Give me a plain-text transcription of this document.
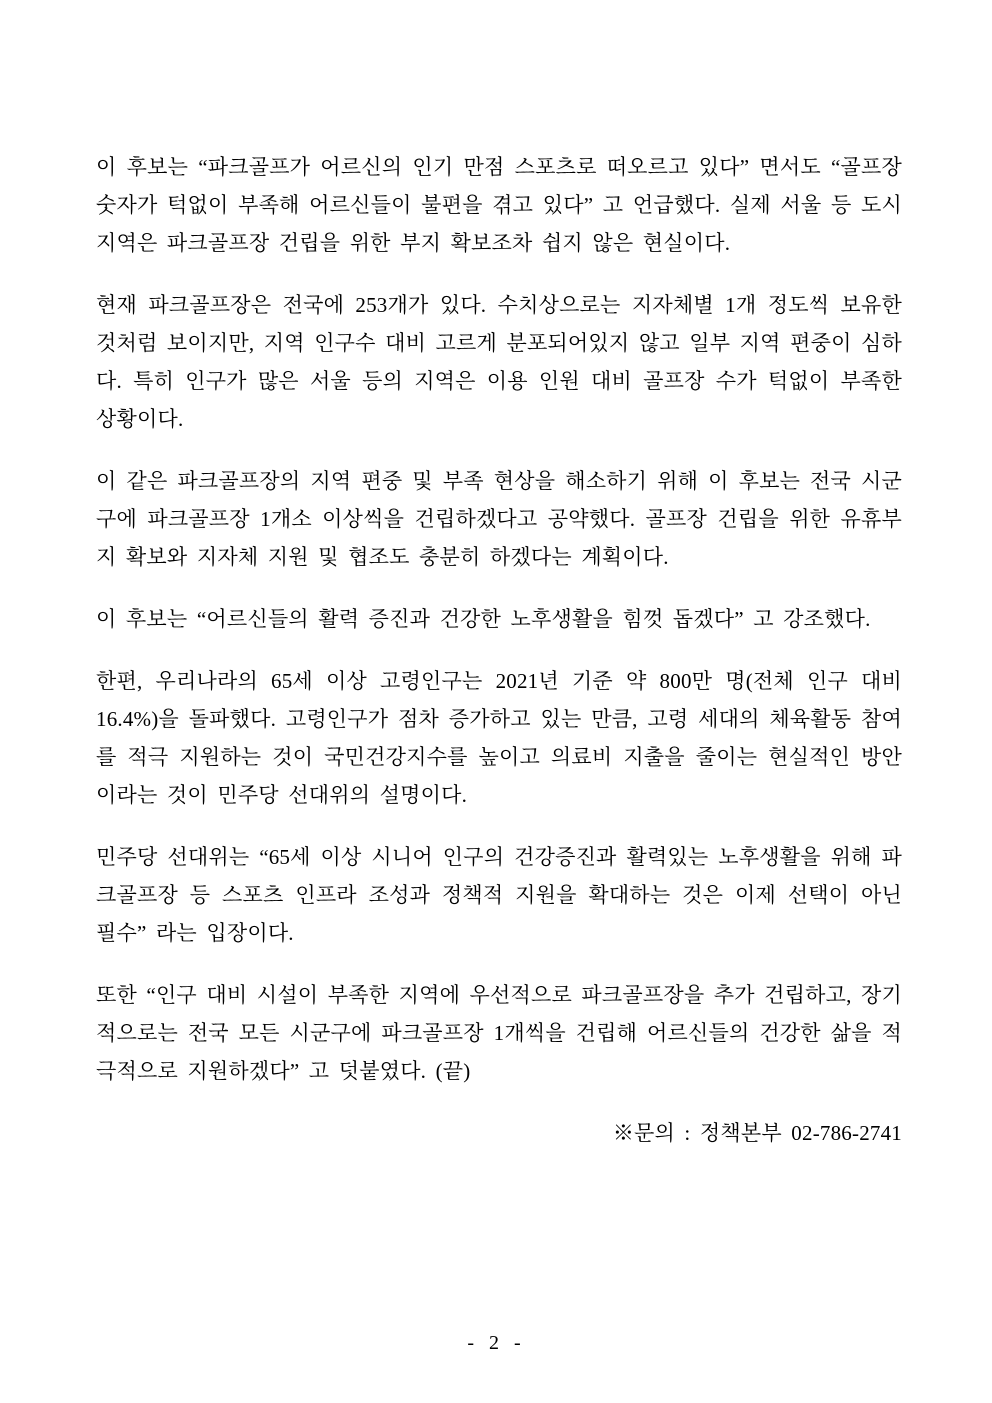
이 후보는 “파크골프가 어르신의 인기 만점 스포츠로 떠오르고 있다” 면서도 “골프장 숫자가 턱없이 부족해 어르신들이 불편을 겪고 있다” 고 언급했다. 실제 서울 등 도시 지역은 파크골프장 건립을 위한 부지 확보조차 쉽지 않은 현실이다.

현재 파크골프장은 전국에 253개가 있다. 수치상으로는 지자체별 1개 정도씩 보유한 것처럼 보이지만, 지역 인구수 대비 고르게 분포되어있지 않고 일부 지역 편중이 심하다. 특히 인구가 많은 서울 등의 지역은 이용 인원 대비 골프장 수가 턱없이 부족한 상황이다.

이 같은 파크골프장의 지역 편중 및 부족 현상을 해소하기 위해 이 후보는 전국 시군구에 파크골프장 1개소 이상씩을 건립하겠다고 공약했다. 골프장 건립을 위한 유휴부지 확보와 지자체 지원 및 협조도 충분히 하겠다는 계획이다.

이 후보는 “어르신들의 활력 증진과 건강한 노후생활을 힘껏 돕겠다” 고 강조했다.

한편, 우리나라의 65세 이상 고령인구는 2021년 기준 약 800만 명(전체 인구 대비 16.4%)을 돌파했다. 고령인구가 점차 증가하고 있는 만큼, 고령 세대의 체육활동 참여를 적극 지원하는 것이 국민건강지수를 높이고 의료비 지출을 줄이는 현실적인 방안이라는 것이 민주당 선대위의 설명이다.

민주당 선대위는 “65세 이상 시니어 인구의 건강증진과 활력있는 노후생활을 위해 파크골프장 등 스포츠 인프라 조성과 정책적 지원을 확대하는 것은 이제 선택이 아닌 필수” 라는 입장이다.

또한 “인구 대비 시설이 부족한 지역에 우선적으로 파크골프장을 추가 건립하고, 장기적으로는 전국 모든 시군구에 파크골프장 1개씩을 건립해 어르신들의 건강한 삶을 적극적으로 지원하겠다” 고 덧붙였다. (끝)

※문의 : 정책본부 02-786-2741

- 2 -
